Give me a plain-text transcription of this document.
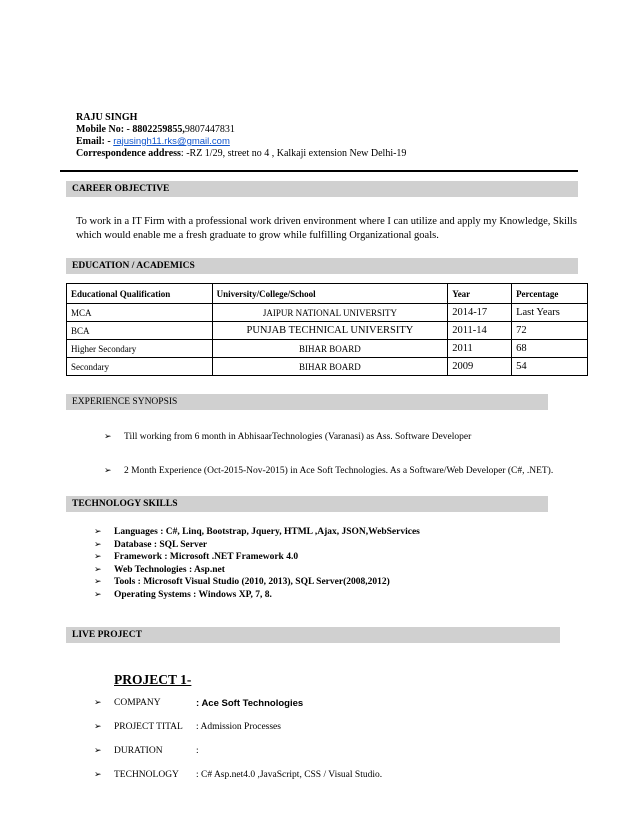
RAJU SINGH
Mobile No: - 8802259855,9807447831
Email: - rajusingh11.rks@gmail.com
Correspondence address: -RZ 1/29, street no 4 , Kalkaji extension New Delhi-19
CAREER OBJECTIVE
To work in a IT Firm with a professional work driven environment where I can utilize and apply my Knowledge, Skills
which would enable me a fresh graduate to grow while fulfilling Organizational goals.
EDUCATION / ACADEMICS
Educational Qualification	University/College/School	Year	Percentage
MCA	JAIPUR NATIONAL UNIVERSITY	2014-17	Last Years
BCA	PUNJAB TECHNICAL UNIVERSITY	2011-14	72
Higher Secondary	BIHAR BOARD	2011	68
Secondary	BIHAR BOARD	2009	54
EXPERIENCE SYNOPSIS
➢ Till working from 6 month in AbhisaarTechnologies (Varanasi) as Ass. Software Developer
➢ 2 Month Experience (Oct-2015-Nov-2015) in Ace Soft Technologies. As a Software/Web Developer (C#, .NET).
TECHNOLOGY SKILLS
➢ Languages : C#, Linq, Bootstrap, Jquery, HTML ,Ajax, JSON,WebServices
➢ Database : SQL Server
➢ Framework : Microsoft .NET Framework 4.0
➢ Web Technologies : Asp.net
➢ Tools : Microsoft Visual Studio (2010, 2013), SQL Server(2008,2012)
➢ Operating Systems : Windows XP, 7, 8.
LIVE PROJECT
PROJECT 1-
➢ COMPANY	: Ace Soft Technologies
➢ PROJECT TITAL : Admission Processes
➢ DURATION	:
➢ TECHNOLOGY : C# Asp.net4.0 ,JavaScript, CSS / Visual Studio.
